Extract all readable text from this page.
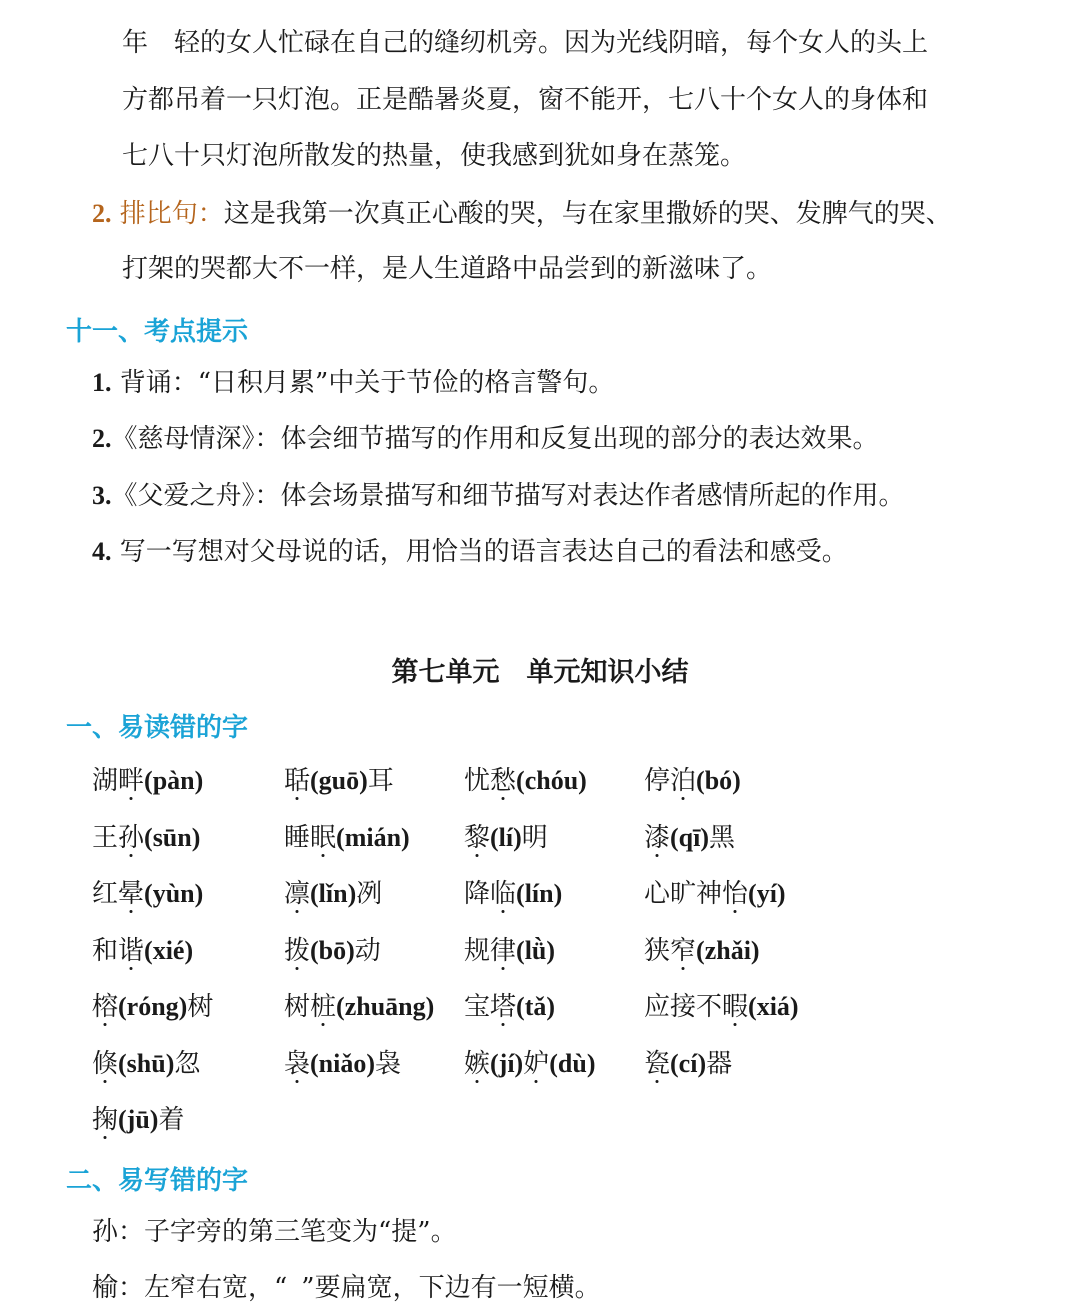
年　轻的女人忙碌在自己的缝纫机旁。因为光线阴暗，每个女人的头上
方都吊着一只灯泡。正是酷暑炎夏，窗不能开，七八十个女人的身体和
七八十只灯泡所散发的热量，使我感到犹如身在蒸笼。
2. 排比句：这是我第一次真正心酸的哭，与在家里撒娇的哭、发脾气的哭、
打架的哭都大不一样，是人生道路中品尝到的新滋味了。
十一、考点提示
1. 背诵：“日积月累”中关于节俭的格言警句。
2.《慈母情深》：体会细节描写的作用和反复出现的部分的表达效果。
3.《父爱之舟》：体会场景描写和细节描写对表达作者感情所起的作用。
4. 写一写想对父母说的话，用恰当的语言表达自己的看法和感受。
第七单元　单元知识小结
一、易读错的字
湖畔(pàn)	聒(guō)耳	忧愁(chóu)	停泊(bó)
王孙(sūn)	睡眠(mián)	黎(lí)明	漆(qī)黑
红晕(yùn)	凛(lǐn)冽	降临(lín)	心旷神怡(yí)
和谐(xié)	拨(bō)动	规律(lǜ)	狭窄(zhǎi)
榕(róng)树	树桩(zhuāng)	宝塔(tǎ)	应接不暇(xiá)
倏(shū)忽	袅(niǎo)袅	嫉(jí)妒(dù)	瓷(cí)器
掬(jū)着
二、易写错的字
孙：子字旁的第三笔变为“提”。
榆：左窄右宽，“ ”要扁宽，下边有一短横。
